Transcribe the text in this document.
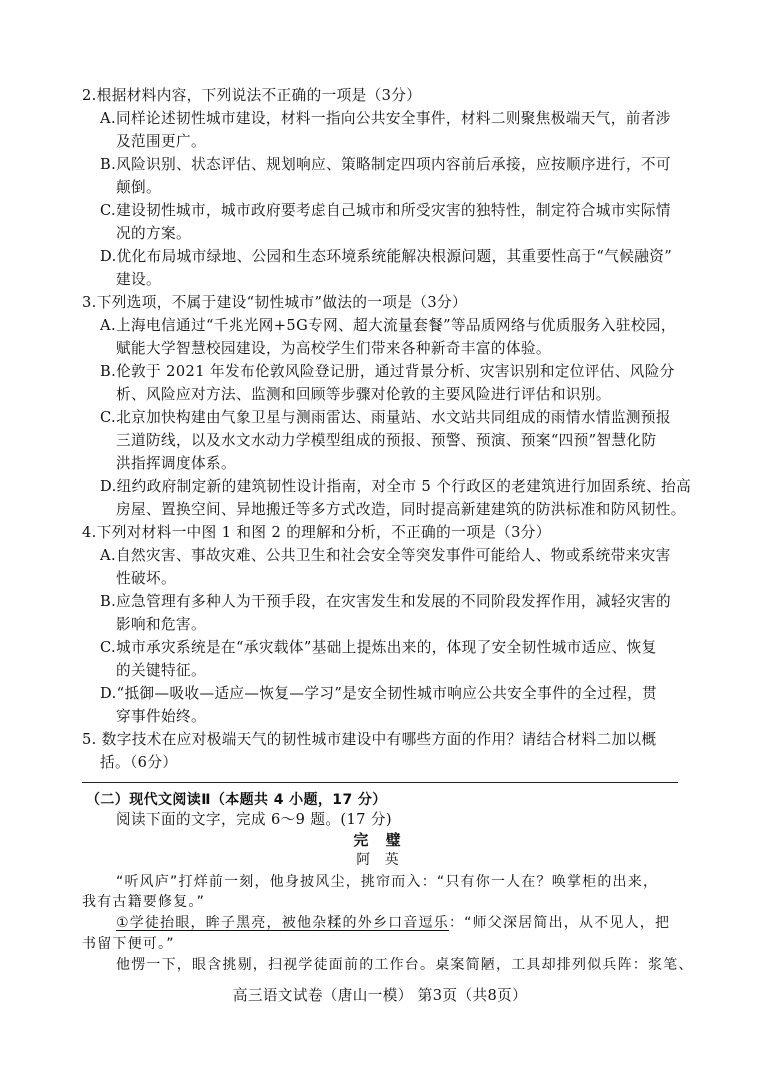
2.根据材料内容，下列说法不正确的一项是（3分）
A.同样论述韧性城市建设，材料一指向公共安全事件，材料二则聚焦极端天气，前者涉
及范围更广。
B.风险识别、状态评估、规划响应、策略制定四项内容前后承接，应按顺序进行，不可
颠倒。
C.建设韧性城市，城市政府要考虑自己城市和所受灾害的独特性，制定符合城市实际情
况的方案。
D.优化布局城市绿地、公园和生态环境系统能解决根源问题，其重要性高于“气候融资”
建设。
3.下列选项，不属于建设“韧性城市”做法的一项是（3分）
A.上海电信通过“千兆光网+5G专网、超大流量套餐”等品质网络与优质服务入驻校园，
赋能大学智慧校园建设，为高校学生们带来各种新奇丰富的体验。
B.伦敦于 2021 年发布伦敦风险登记册，通过背景分析、灾害识别和定位评估、风险分
析、风险应对方法、监测和回顾等步骤对伦敦的主要风险进行评估和识别。
C.北京加快构建由气象卫星与测雨雷达、雨量站、水文站共同组成的雨情水情监测预报
三道防线，以及水文水动力学模型组成的预报、预警、预演、预案“四预”智慧化防
洪指挥调度体系。
D.纽约政府制定新的建筑韧性设计指南，对全市 5 个行政区的老建筑进行加固系统、抬高
房屋、置换空间、异地搬迁等多方式改造，同时提高新建建筑的防洪标准和防风韧性。
4.下列对材料一中图 1 和图 2 的理解和分析，不正确的一项是（3分）
A.自然灾害、事故灾难、公共卫生和社会安全等突发事件可能给人、物或系统带来灾害
性破坏。
B.应急管理有多种人为干预手段，在灾害发生和发展的不同阶段发挥作用，减轻灾害的
影响和危害。
C.城市承灾系统是在“承灾载体”基础上提炼出来的，体现了安全韧性城市适应、恢复
的关键特征。
D.“抵御—吸收—适应—恢复—学习”是安全韧性城市响应公共安全事件的全过程，贯
穿事件始终。
5. 数字技术在应对极端天气的韧性城市建设中有哪些方面的作用？请结合材料二加以概
括。（6分）
（二）现代文阅读Ⅱ（本题共 4 小题，17 分）
阅读下面的文字，完成 6～9 题。(17 分)
完 璧
阿 英
“听风庐”打烊前一刻，他身披风尘，挑帘而入：“只有你一人在？唤掌柜的出来，
我有古籍要修复。”
①学徒抬眼，眸子黑亮，被他杂糅的外乡口音逗乐：“师父深居简出，从不见人，把
书留下便可。”
他愣一下，眼含挑剔，扫视学徒面前的工作台。桌案简陋，工具却排列似兵阵：浆笔、
高三语文试卷（唐山一模） 第3页（共8页）
